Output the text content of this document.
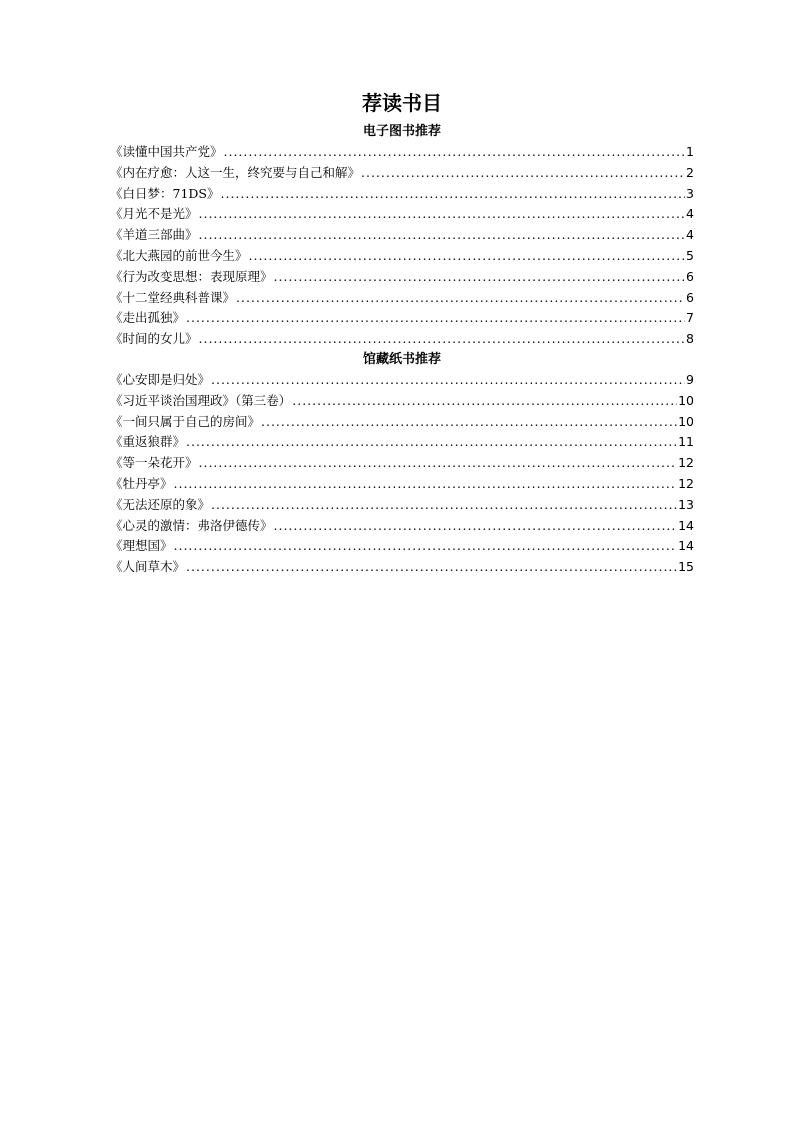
荐读书目
电子图书推荐
《读懂中国共产党》 .....	1
《内在疗愈：人这一生，终究要与自己和解》 .....	2
《白日梦：71DS》 .....	3
《月光不是光》 .....	4
《羊道三部曲》 .....	4
《北大燕园的前世今生》 .....	5
《行为改变思想：表现原理》 .....	6
《十二堂经典科普课》 .....	6
《走出孤独》 .....	7
《时间的女儿》 .....	8
馆藏纸书推荐
《心安即是归处》 .....	9
《习近平谈治国理政》（第三卷） .....	10
《一间只属于自己的房间》 .....	10
《重返狼群》 .....	11
《等一朵花开》 .....	12
《牡丹亭》 .....	12
《无法还原的象》 .....	13
《心灵的激情：弗洛伊德传》 .....	14
《理想国》 .....	14
《人间草木》 .....	15
